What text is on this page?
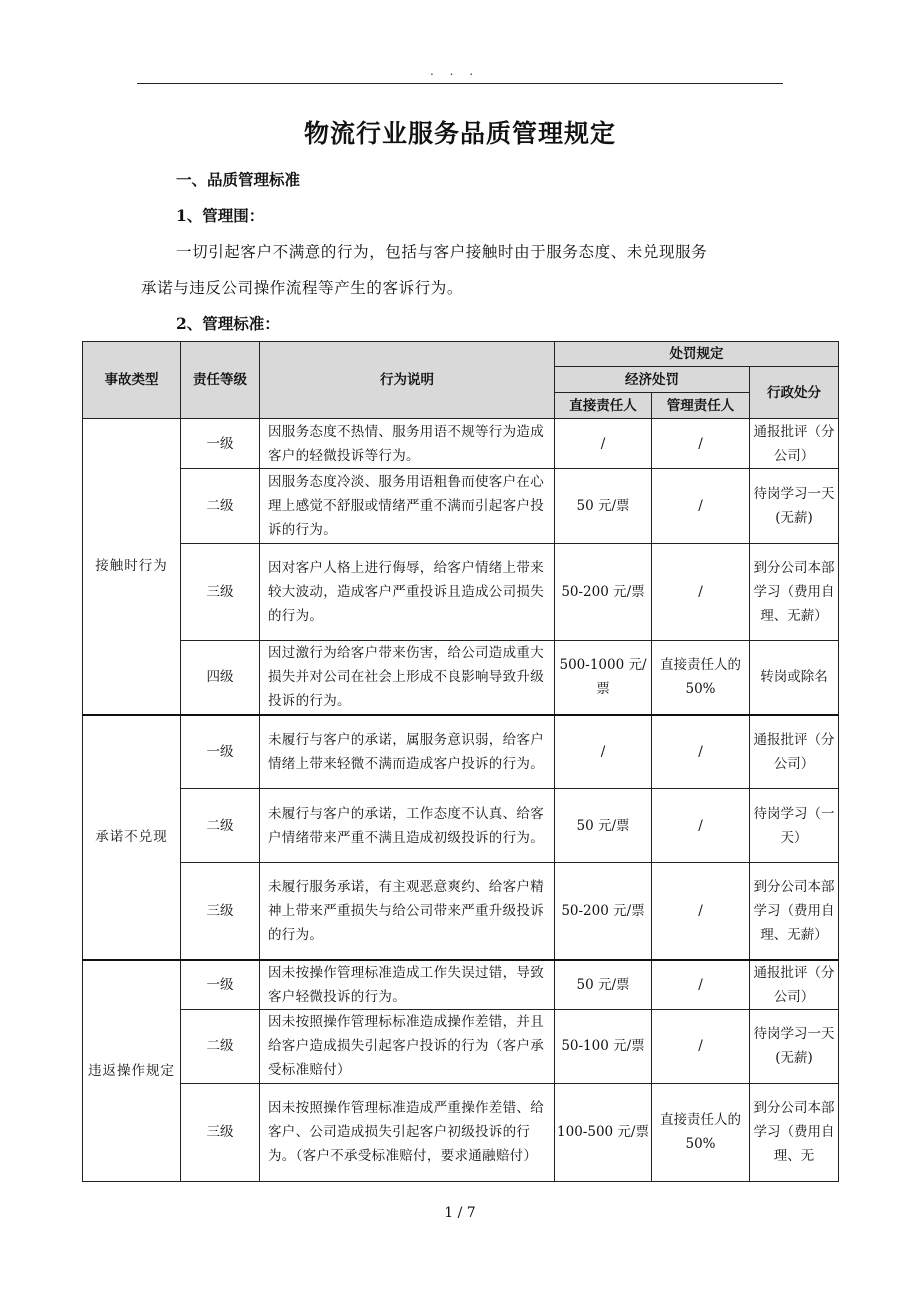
. . .
物流行业服务品质管理规定
一、品质管理标准
1、管理围：
一切引起客户不满意的行为，包括与客户接触时由于服务态度、未兑现服务
承诺与违反公司操作流程等产生的客诉行为。
2、管理标准：
事故类型	责任等级	行为说明	处罚规定		
			经济处罚		行政处分
			直接责任人	管理责任人	
接触时行为	一级	因服务态度不热情、服务用语不规等行为造成客户的轻微投诉等行为。	/	/	通报批评（分公司）
	二级	因服务态度冷淡、服务用语粗鲁而使客户在心理上感觉不舒服或情绪严重不满而引起客户投诉的行为。	50 元/票	/	待岗学习一天(无薪)
	三级	因对客户人格上进行侮辱，给客户情绪上带来较大波动，造成客户严重投诉且造成公司损失的行为。	50-200 元/票	/	到分公司本部学习（费用自理、无薪）
	四级	因过激行为给客户带来伤害，给公司造成重大损失并对公司在社会上形成不良影响导致升级投诉的行为。	500-1000 元/票	直接责任人的 50%	转岗或除名
承诺不兑现	一级	未履行与客户的承诺，属服务意识弱，给客户情绪上带来轻微不满而造成客户投诉的行为。	/	/	通报批评（分公司）
	二级	未履行与客户的承诺，工作态度不认真、给客户情绪带来严重不满且造成初级投诉的行为。	50 元/票	/	待岗学习（一天）
	三级	未履行服务承诺，有主观恶意爽约、给客户精神上带来严重损失与给公司带来严重升级投诉的行为。	50-200 元/票	/	到分公司本部学习（费用自理、无薪）
违返操作规定	一级	因未按操作管理标准造成工作失误过错，导致客户轻微投诉的行为。	50 元/票	/	通报批评（分公司）
	二级	因未按照操作管理标标准造成操作差错，并且给客户造成损失引起客户投诉的行为（客户承受标准赔付）	50-100 元/票	/	待岗学习一天(无薪)
	三级	因未按照操作管理标准造成严重操作差错、给客户、公司造成损失引起客户初级投诉的行为。（客户不承受标准赔付，要求通融赔付）	100-500 元/票	直接责任人的 50%	到分公司本部学习（费用自理、无
1 / 7
